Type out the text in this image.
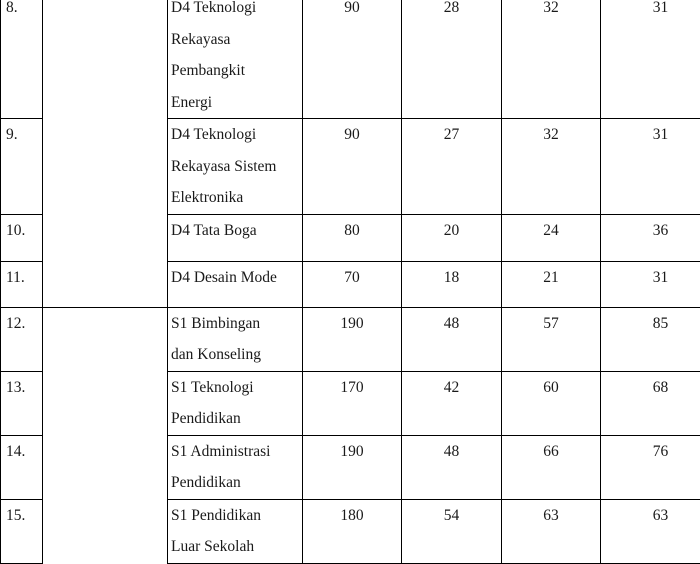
8.		D4 Teknologi
Rekayasa
Pembangkit
Energi	90	28	32	31
9.		D4 Teknologi
Rekayasa Sistem
Elektronika	90	27	32	31
10.		D4 Tata Boga	80	20	24	36
11.		D4 Desain Mode	70	18	21	31
12.		S1 Bimbingan
dan Konseling	190	48	57	85
13.		S1 Teknologi
Pendidikan	170	42	60	68
14.		S1 Administrasi
Pendidikan	190	48	66	76
15.		S1 Pendidikan
Luar Sekolah	180	54	63	63
